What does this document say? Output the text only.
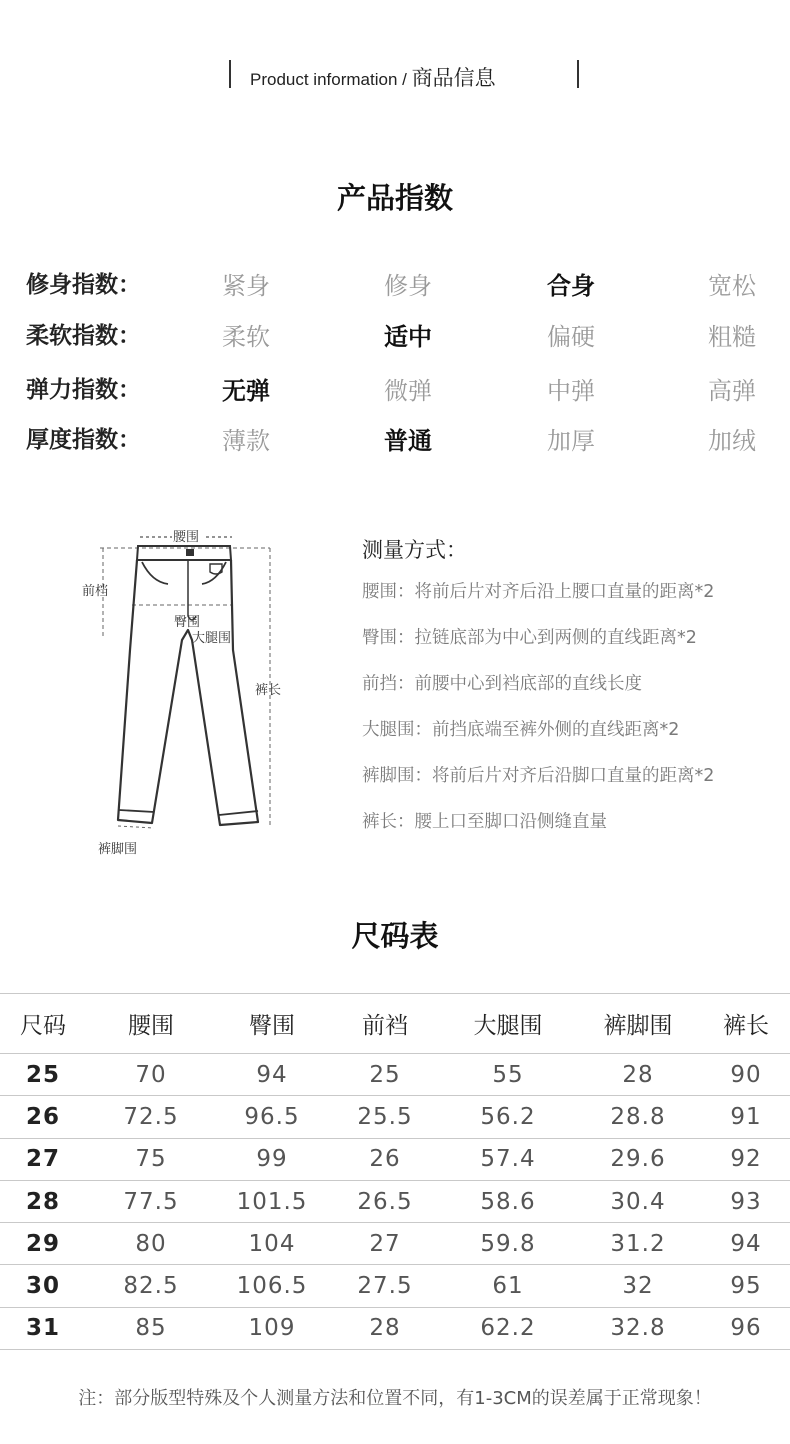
Product information / 商品信息
产品指数
修身指数：	紧身	修身	合身	宽松
柔软指数：	柔软	适中	偏硬	粗糙
弹力指数：	无弹	微弹	中弹	高弹
厚度指数：	薄款	普通	加厚	加绒
腰围
前档
裤长
臀围
大腿围
裤脚围
测量方式：
腰围：将前后片对齐后沿上腰口直量的距离*2
臀围：拉链底部为中心到两侧的直线距离*2
前挡：前腰中心到裆底部的直线长度
大腿围：前挡底端至裤外侧的直线距离*2
裤脚围：将前后片对齐后沿脚口直量的距离*2
裤长：腰上口至脚口沿侧缝直量
尺码表
尺码	腰围	臀围	前裆	大腿围	裤脚围	裤长
25	70	94	25	55	28	90
26	72.5	96.5	25.5	56.2	28.8	91
27	75	99	26	57.4	29.6	92
28	77.5	101.5	26.5	58.6	30.4	93
29	80	104	27	59.8	31.2	94
30	82.5	106.5	27.5	61	32	95
31	85	109	28	62.2	32.8	96
注：部分版型特殊及个人测量方法和位置不同，有1-3CM的误差属于正常现象！
